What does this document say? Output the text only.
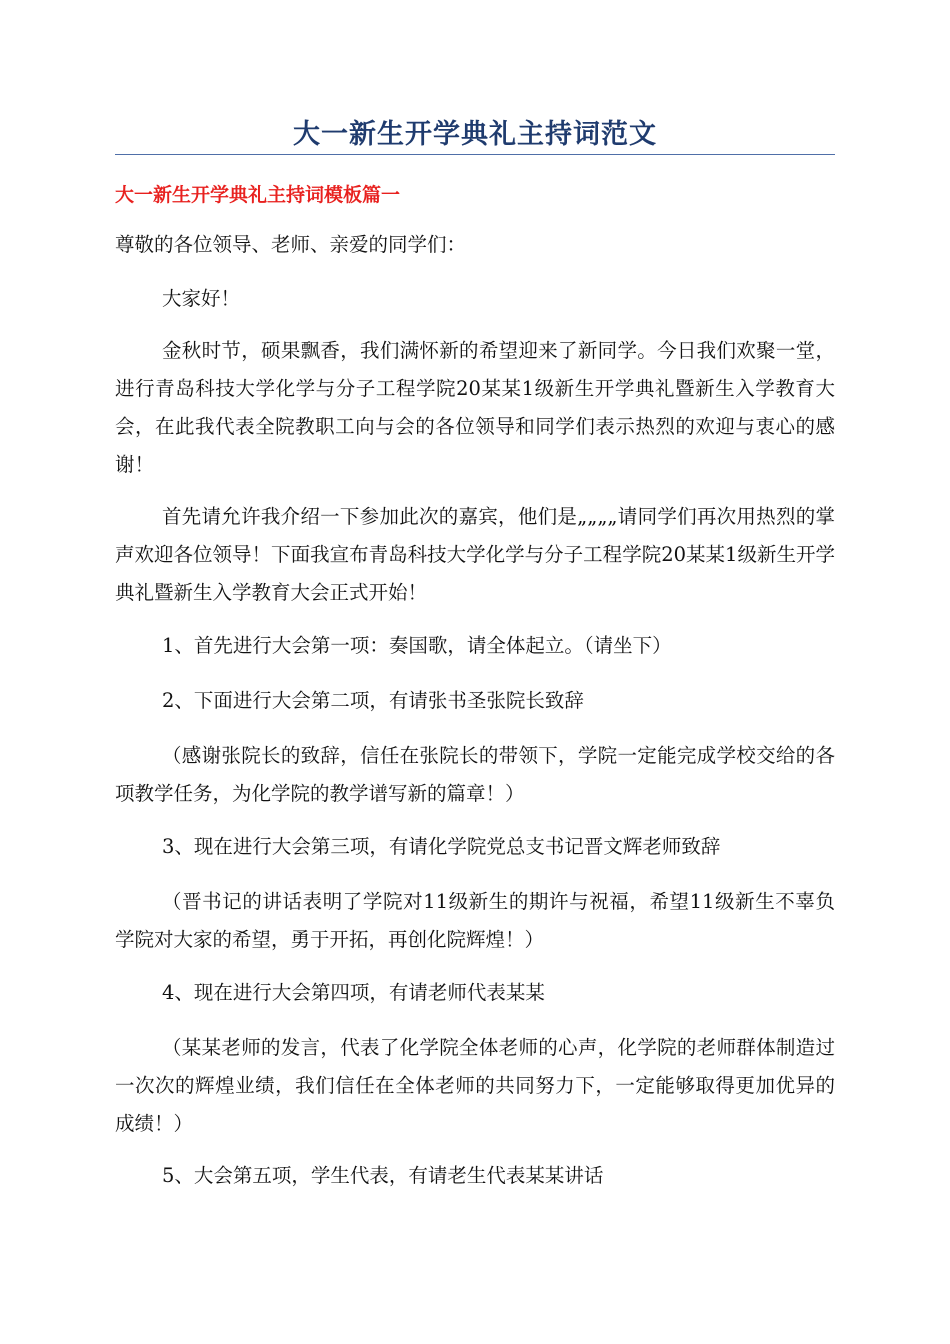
大一新生开学典礼主持词范文
大一新生开学典礼主持词模板篇一

尊敬的各位领导、老师、亲爱的同学们：

大家好！

金秋时节，硕果飘香，我们满怀新的希望迎来了新同学。今日我们欢聚一堂，进行青岛科技大学化学与分子工程学院20某某1级新生开学典礼暨新生入学教育大会，在此我代表全院教职工向与会的各位领导和同学们表示热烈的欢迎与衷心的感谢！

首先请允许我介绍一下参加此次的嘉宾，他们是„„„„请同学们再次用热烈的掌声欢迎各位领导！下面我宣布青岛科技大学化学与分子工程学院20某某1级新生开学典礼暨新生入学教育大会正式开始！

1、首先进行大会第一项：奏国歌，请全体起立。（请坐下）

2、下面进行大会第二项，有请张书圣张院长致辞

（感谢张院长的致辞，信任在张院长的带领下，学院一定能完成学校交给的各项教学任务，为化学院的教学谱写新的篇章！）

3、现在进行大会第三项，有请化学院党总支书记晋文辉老师致辞

（晋书记的讲话表明了学院对11级新生的期许与祝福，希望11级新生不辜负学院对大家的希望，勇于开拓，再创化院辉煌！）

4、现在进行大会第四项，有请老师代表某某

（某某老师的发言，代表了化学院全体老师的心声，化学院的老师群体制造过一次次的辉煌业绩，我们信任在全体老师的共同努力下，一定能够取得更加优异的成绩！）

5、大会第五项，学生代表，有请老生代表某某讲话
